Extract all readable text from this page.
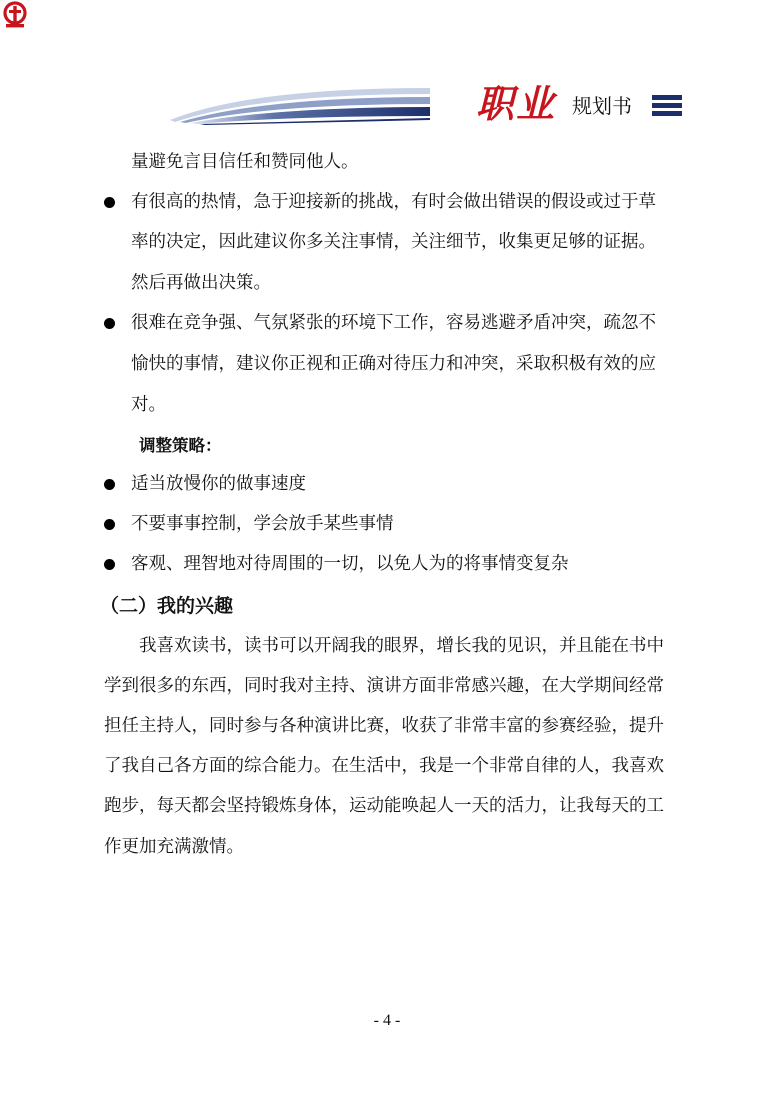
职业 规划书
量避免言目信任和赞同他人。
有很高的热情，急于迎接新的挑战，有时会做出错误的假设或过于草
率的决定，因此建议你多关注事情，关注细节，收集更足够的证据。
然后再做出决策。
很难在竞争强、气氛紧张的环境下工作，容易逃避矛盾冲突，疏忽不
愉快的事情，建议你正视和正确对待压力和冲突，采取积极有效的应
对。
调整策略：
适当放慢你的做事速度
不要事事控制，学会放手某些事情
客观、理智地对待周围的一切，以免人为的将事情变复杂
（二）我的兴趣
我喜欢读书，读书可以开阔我的眼界，增长我的见识，并且能在书中
学到很多的东西，同时我对主持、演讲方面非常感兴趣，在大学期间经常
担任主持人，同时参与各种演讲比赛，收获了非常丰富的参赛经验，提升
了我自己各方面的综合能力。在生活中，我是一个非常自律的人，我喜欢
跑步，每天都会坚持锻炼身体，运动能唤起人一天的活力，让我每天的工
作更加充满激情。
- 4 -
